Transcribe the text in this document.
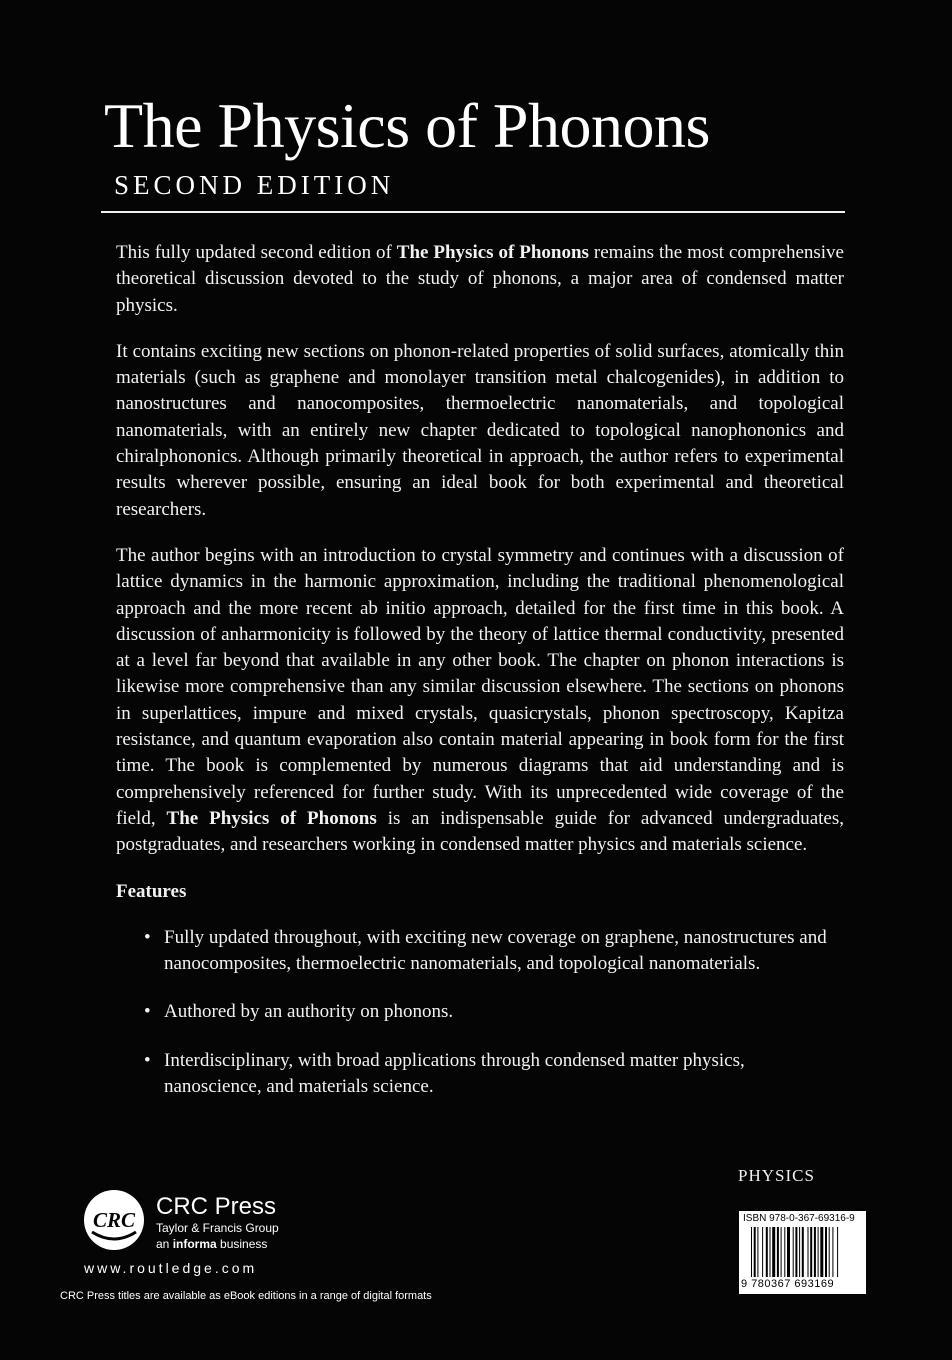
The Physics of Phonons
SECOND EDITION

This fully updated second edition of The Physics of Phonons remains the most comprehensive theoretical discussion devoted to the study of phonons, a major area of condensed matter physics.

It contains exciting new sections on phonon-related properties of solid surfaces, atomically thin materials (such as graphene and monolayer transition metal chalcogenides), in addition to nanostructures and nanocomposites, thermoelectric nanomaterials, and topological nanomaterials, with an entirely new chapter dedicated to topological nanophononics and chiralphononics. Although primarily theoretical in approach, the author refers to experimental results wherever possible, ensuring an ideal book for both experimental and theoretical researchers.

The author begins with an introduction to crystal symmetry and continues with a discussion of lattice dynamics in the harmonic approximation, including the traditional phenomenological approach and the more recent ab initio approach, detailed for the first time in this book. A discussion of anharmonicity is followed by the theory of lattice thermal conductivity, presented at a level far beyond that available in any other book. The chapter on phonon interactions is likewise more comprehensive than any similar discussion elsewhere. The sections on phonons in superlattices, impure and mixed crystals, quasicrystals, phonon spectroscopy, Kapitza resistance, and quantum evaporation also contain material appearing in book form for the first time. The book is complemented by numerous diagrams that aid understanding and is comprehensively referenced for further study. With its unprecedented wide coverage of the field, The Physics of Phonons is an indispensable guide for advanced undergraduates, postgraduates, and researchers working in condensed matter physics and materials science.

Features

• Fully updated throughout, with exciting new coverage on graphene, nanostructures and nanocomposites, thermoelectric nanomaterials, and topological nanomaterials.
• Authored by an authority on phonons.
• Interdisciplinary, with broad applications through condensed matter physics, nanoscience, and materials science.
PHYSICS
CRC CRC Press
Taylor & Francis Group
an informa business
www.routledge.com
CRC Press titles are available as eBook editions in a range of digital formats
ISBN 978-0-367-69316-9
9 780367 693169
